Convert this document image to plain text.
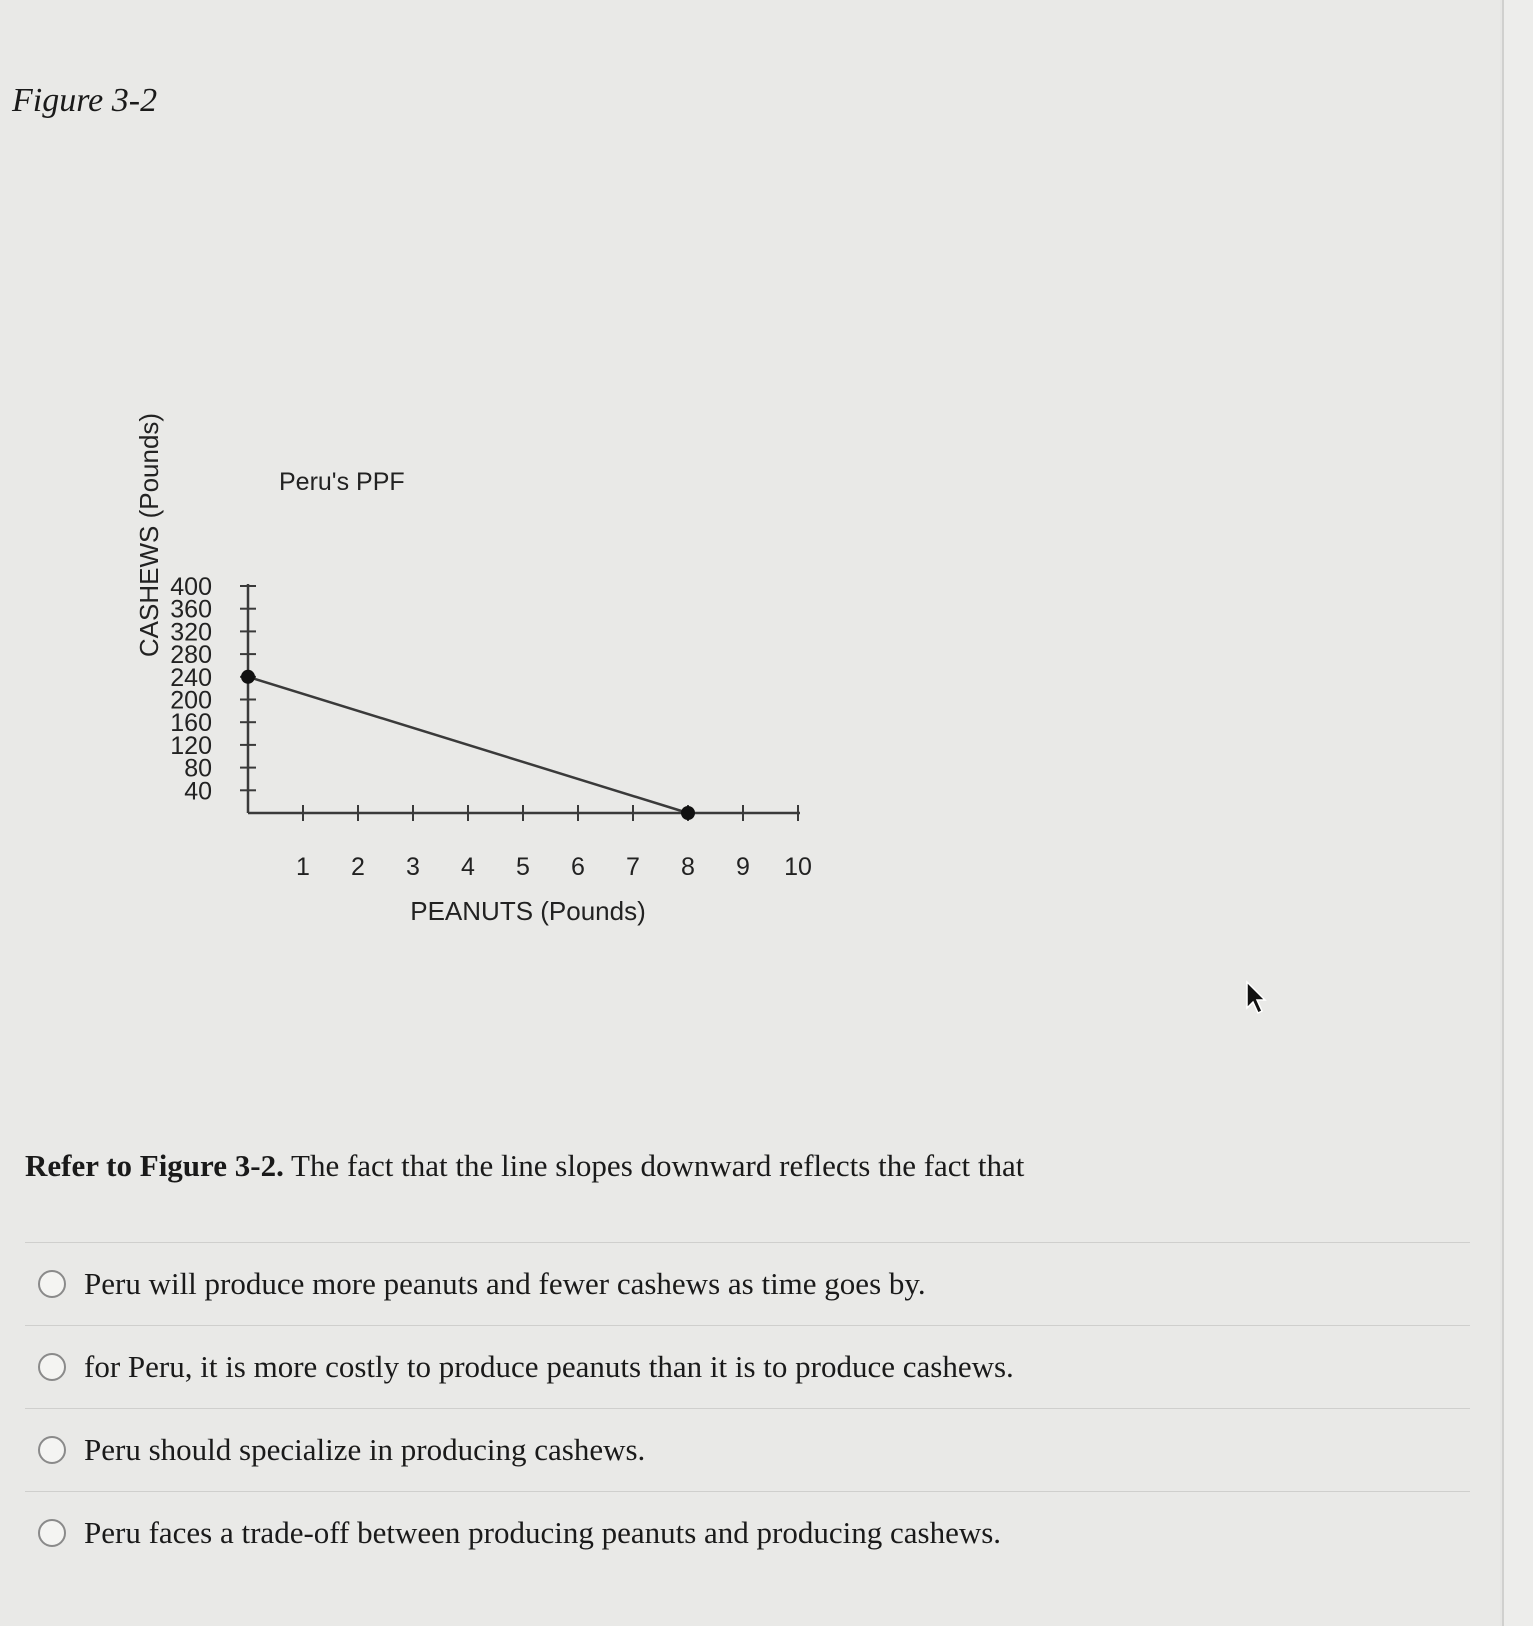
Figure 3-2
40
80
120
160
200
240
280
320
360
400
1 2 3 4 5 6 7 8 9 10
PEANUTS (Pounds)
CASHEWS (Pounds)	Peru's PPF

Refer to Figure 3-2. The fact that the line slopes downward reflects the fact that

Peru will produce more peanuts and fewer cashews as time goes by.
for Peru, it is more costly to produce peanuts than it is to produce cashews.
Peru should specialize in producing cashews.
Peru faces a trade-off between producing peanuts and producing cashews.
